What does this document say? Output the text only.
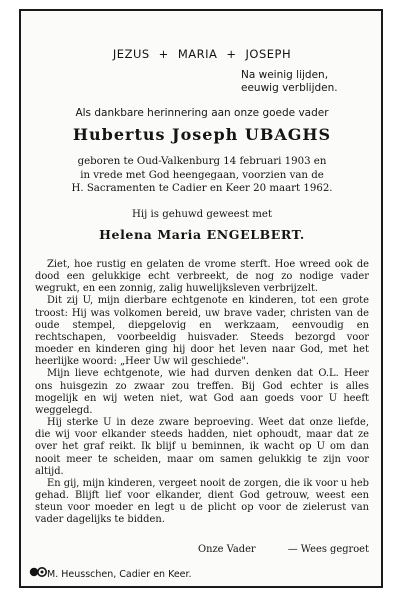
JEZUS + MARIA + JOSEPH
Na weinig lijden,
eeuwig verblijden.
Als dankbare herinnering aan onze goede vader
Hubertus Joseph UBAGHS
geboren te Oud-Valkenburg 14 februari 1903 en
in vrede met God heengegaan, voorzien van de
H. Sacramenten te Cadier en Keer 20 maart 1962.
Hij is gehuwd geweest met
Helena Maria ENGELBERT.

Ziet, hoe rustig en gelaten de vrome sterft. Hoe wreed ook de dood een gelukkige echt verbreekt, de nog zo nodige vader wegrukt, en een zonnig, zalig huwelijksleven verbrijzelt.

Dit zij U, mijn dierbare echtgenote en kinderen, tot een grote troost: Hij was volkomen bereid, uw brave vader, christen van de oude stempel, diepgelovig en werkzaam, eenvoudig en rechtschapen, voorbeeldig huisvader. Steeds bezorgd voor moeder en kinderen ging hij door het leven naar God, met het heerlijke woord: „Heer Uw wil geschiede".

Mijn lieve echtgenote, wie had durven denken dat O.L. Heer ons huisgezin zo zwaar zou treffen. Bij God echter is alles mogelijk en wij weten niet, wat God aan goeds voor U heeft weggelegd.

Hij sterke U in deze zware beproeving. Weet dat onze liefde, die wij voor elkander steeds hadden, niet ophoudt, maar dat ze over het graf reikt. Ik blijf u beminnen, ik wacht op U om dan nooit meer te scheiden, maar om samen gelukkig te zijn voor altijd.

En gij, mijn kinderen, vergeet nooit de zorgen, die ik voor u heb gehad. Blijft lief voor elkander, dient God getrouw, weest een steun voor moeder en legt u de plicht op voor de zielerust van vader dagelijks te bidden.

Onze Vader	— Wees gegroet
M. Heusschen, Cadier en Keer.
